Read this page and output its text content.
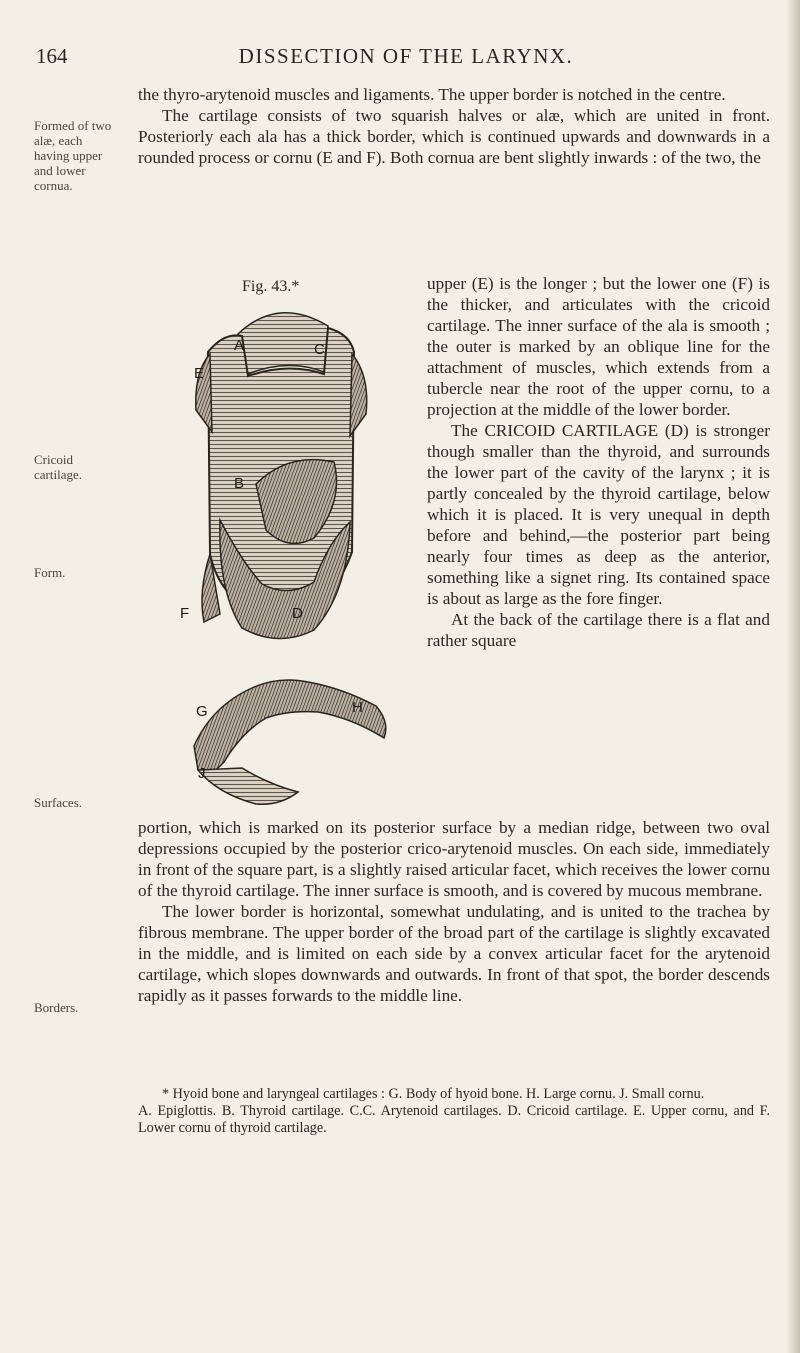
164	DISSECTION OF THE LARYNX.
Formed of two alæ, each having upper and lower cornua.
Cricoid cartilage.
Form.
Surfaces.
Borders.

the thyro-arytenoid muscles and ligaments. The upper border is notched in the centre.

The cartilage consists of two squarish halves or alæ, which are united in front. Posteriorly each ala has a thick border, which is continued upwards and downwards in a rounded process or cornu (E and F). Both cornua are bent slightly inwards : of the two, the

Fig. 43.*	upper (E) is the longer ; but the lower one (F) is the thicker, and articulates with the cricoid cartilage. The inner surface of the ala is smooth ; the outer is marked by an oblique line for the attachment of muscles, which extends from a tubercle near the root of the upper cornu, to a projection at the middle of the lower border.

The CRICOID CARTILAGE (D) is stronger though smaller than the thyroid, and surrounds the lower part of the cavity of the larynx ; it is partly concealed by the thyroid cartilage, below which it is placed. It is very unequal in depth before and behind,—the posterior part being nearly four times as deep as the anterior, something like a signet ring. Its contained space is about as large as the fore finger.

At the back of the cartilage there is a flat and rather square

A
B
C
D
E
F
G	H
J

portion, which is marked on its posterior surface by a median ridge, between two oval depressions occupied by the posterior crico-arytenoid muscles. On each side, immediately in front of the square part, is a slightly raised articular facet, which receives the lower cornu of the thyroid cartilage. The inner surface is smooth, and is covered by mucous membrane.

The lower border is horizontal, somewhat undulating, and is united to the trachea by fibrous membrane. The upper border of the broad part of the cartilage is slightly excavated in the middle, and is limited on each side by a convex articular facet for the arytenoid cartilage, which slopes downwards and outwards. In front of that spot, the border descends rapidly as it passes forwards to the middle line.

* Hyoid bone and laryngeal cartilages : G. Body of hyoid bone. H. Large cornu. J. Small cornu.

A. Epiglottis. B. Thyroid cartilage. C.C. Arytenoid cartilages. D. Cricoid cartilage. E. Upper cornu, and F. Lower cornu of thyroid cartilage.
